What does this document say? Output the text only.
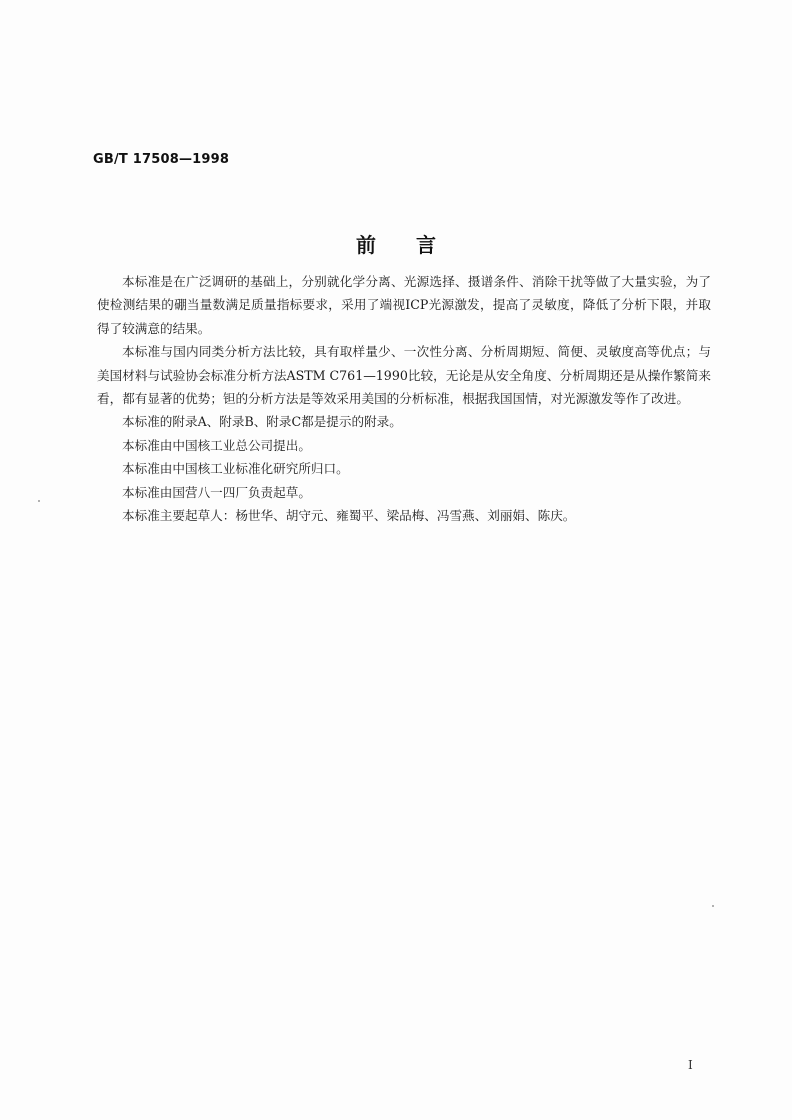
GB/T 17508—1998
前言

本标准是在广泛调研的基础上，分别就化学分离、光源选择、摄谱条件、消除干扰等做了大量实验，为了使检测结果的硼当量数满足质量指标要求，采用了端视ICP光源激发，提高了灵敏度，降低了分析下限，并取得了较满意的结果。

本标准与国内同类分析方法比较，具有取样量少、一次性分离、分析周期短、简便、灵敏度高等优点；与美国材料与试验协会标准分析方法ASTM C761—1990比较，无论是从安全角度、分析周期还是从操作繁简来看，都有显著的优势；钽的分析方法是等效采用美国的分析标准，根据我国国情，对光源激发等作了改进。

本标准的附录A、附录B、附录C都是提示的附录。

本标准由中国核工业总公司提出。

本标准由中国核工业标准化研究所归口。

本标准由国营八一四厂负责起草。

本标准主要起草人：杨世华、胡守元、雍蜀平、梁品梅、冯雪燕、刘丽娟、陈庆。

I
